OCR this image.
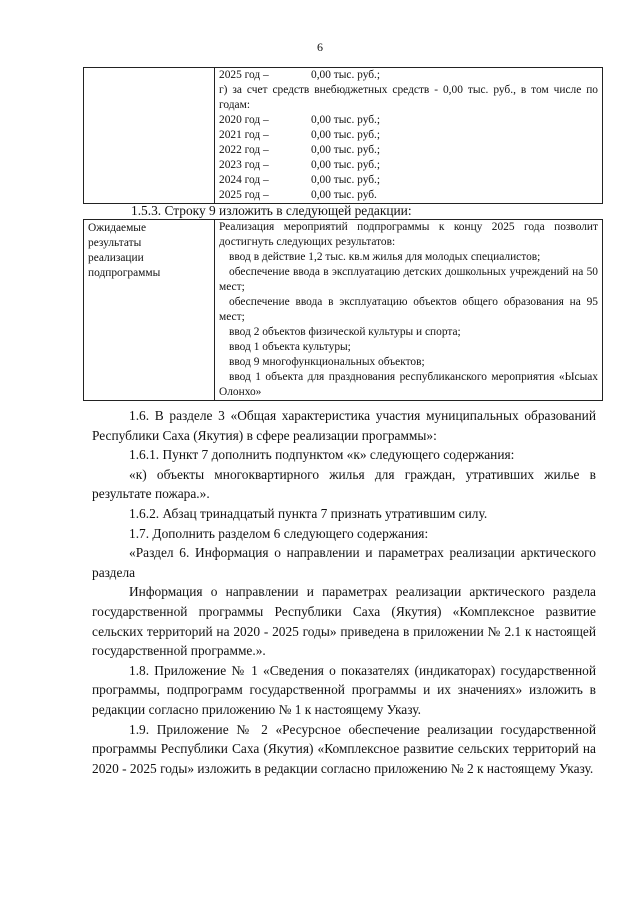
6

2025 год –	0,00 тыс. руб.;
г) за счет средств внебюджетных средств - 0,00 тыс. руб., в том числе по годам:
2020 год –	0,00 тыс. руб.;
2021 год –	0,00 тыс. руб.;
2022 год –	0,00 тыс. руб.;
2023 год –	0,00 тыс. руб.;
2024 год –	0,00 тыс. руб.;
2025 год –	0,00 тыс. руб.
1.5.3. Строку 9 изложить в следующей редакции:
Ожидаемые
результаты
реализации
подпрограммы

Реализация мероприятий подпрограммы к концу 2025 года позволит достигнуть следующих результатов:
ввод в действие 1,2 тыс. кв.м жилья для молодых специалистов;
обеспечение ввода в эксплуатацию детских дошкольных учреждений на 50 мест;
обеспечение ввода в эксплуатацию объектов общего образования на 95 мест;
ввод 2 объектов физической культуры и спорта;
ввод 1 объекта культуры;
ввод 9 многофункциональных объектов;
ввод 1 объекта для празднования республиканского мероприятия «Ысыах Олонхо»

1.6. В разделе 3 «Общая характеристика участия муниципальных образований Республики Саха (Якутия) в сфере реализации программы»:

1.6.1. Пункт 7 дополнить подпунктом «к» следующего содержания:

«к) объекты многоквартирного жилья для граждан, утративших жилье в результате пожара.».

1.6.2. Абзац тринадцатый пункта 7 признать утратившим силу.

1.7. Дополнить разделом 6 следующего содержания:

«Раздел 6. Информация о направлении и параметрах реализации арктического раздела

Информация о направлении и параметрах реализации арктического раздела государственной программы Республики Саха (Якутия) «Комплексное развитие сельских территорий на 2020 - 2025 годы» приведена в приложении № 2.1 к настоящей государственной программе.».

1.8. Приложение № 1 «Сведения о показателях (индикаторах) государственной программы, подпрограмм государственной программы и их значениях» изложить в редакции согласно приложению № 1 к настоящему Указу.

1.9. Приложение № 2 «Ресурсное обеспечение реализации государственной программы Республики Саха (Якутия) «Комплексное развитие сельских территорий на 2020 - 2025 годы» изложить в редакции согласно приложению № 2 к настоящему Указу.
